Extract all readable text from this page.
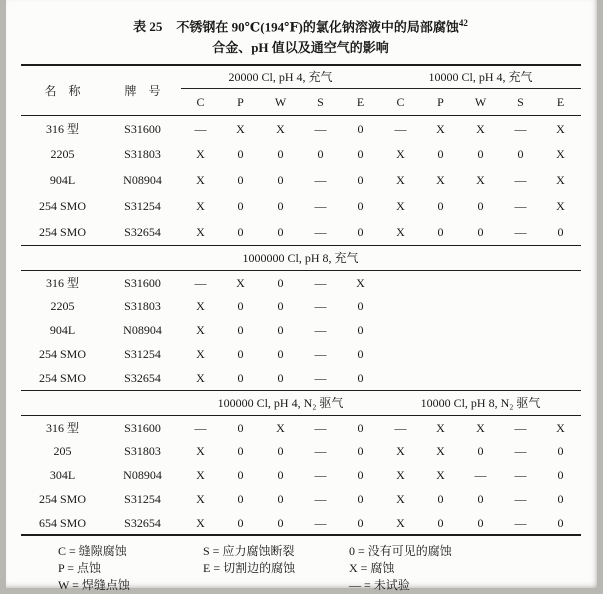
表 25 不锈钢在 90℃(194℉)的氯化钠溶液中的局部腐蚀$^{42}$
合金、pH 值以及通空气的影响
名　称	牌　号	20000 Cl, pH 4, 充气					10000 Cl, pH 4, 充气				
		C	P	W	S	E	C	P	W	S	E
316 型	S31600	—	X	X	—	0	—	X	X	—	X
2205	S31803	X	0	0	0	0	X	0	0	0	X
904L	N08904	X	0	0	—	0	X	X	X	—	X
254 SMO	S31254	X	0	0	—	0	X	0	0	—	X
254 SMO	S32654	X	0	0	—	0	X	0	0	—	0
1000000 Cl, pH 8, 充气											
316 型	S31600	—	X	0	—	X					
2205	S31803	X	0	0	—	0					
904L	N08904	X	0	0	—	0					
254 SMO	S31254	X	0	0	—	0					
254 SMO	S32654	X	0	0	—	0					
		100000 Cl, pH 4, N₂ 驱气					10000 Cl, pH 8, N₂ 驱气				
316 型	S31600	—	0	X	—	0	—	X	X	—	X
205	S31803	X	0	0	—	0	X	X	0	—	0
304L	N08904	X	0	0	—	0	X	X	—	—	0
254 SMO	S31254	X	0	0	—	0	X	0	0	—	0
654 SMO	S32654	X	0	0	—	0	X	0	0	—	0
C = 缝隙腐蚀
P = 点蚀
W = 焊缝点蚀
S = 应力腐蚀断裂
E = 切割边的腐蚀
0 = 没有可见的腐蚀
X = 腐蚀
— = 未试验
